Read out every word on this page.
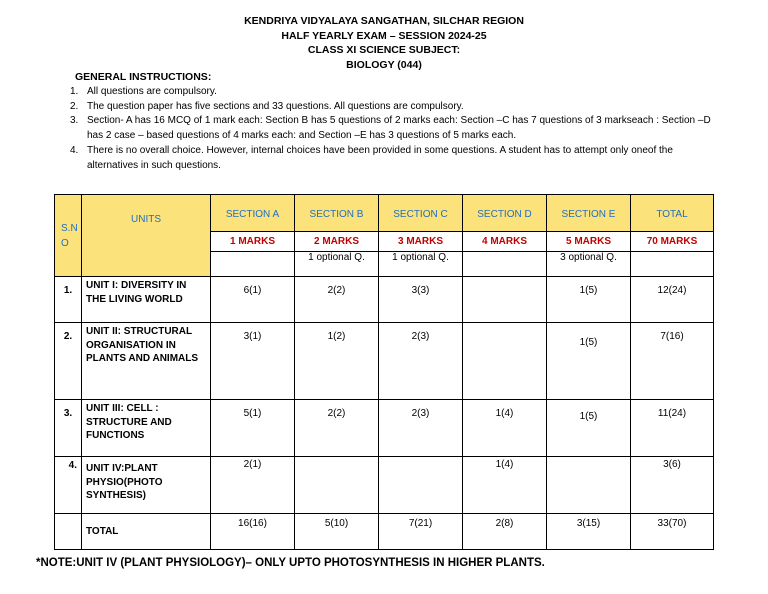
KENDRIYA VIDYALAYA SANGATHAN, SILCHAR REGION
HALF YEARLY EXAM – SESSION 2024-25
CLASS XI SCIENCE SUBJECT:
BIOLOGY (044)
GENERAL INSTRUCTIONS:
1. All questions are compulsory.
2. The question paper has five sections and 33 questions. All questions are compulsory.
3. Section- A has 16 MCQ of 1 mark each: Section B has 5 questions of 2 marks each: Section –C has 7 questions of 3 markseach : Section –D has 2 case – based questions of 4 marks each: and Section –E has 3 questions of 5 marks each.
4. There is no overall choice. However, internal choices have been provided in some questions. A student has to attempt only oneof the alternatives in such questions.
S.N O	UNITS	SECTION A	SECTION B	SECTION C	SECTION D	SECTION E	TOTAL
		1 MARKS	2 MARKS	3 MARKS	4 MARKS	5 MARKS	70 MARKS
			1 optional Q.	1 optional Q.		3 optional Q.	
1.	UNIT I: DIVERSITY IN THE LIVING WORLD	6(1)	2(2)	3(3)		1(5)	12(24)
2.	UNIT II: STRUCTURAL ORGANISATION IN PLANTS AND ANIMALS	3(1)	1(2)	2(3)		1(5)	7(16)
3.	UNIT III: CELL : STRUCTURE AND FUNCTIONS	5(1)	2(2)	2(3)	1(4)	1(5)	11(24)
4.	UNIT IV:PLANT PHYSIO(PHOTO SYNTHESIS)	2(1)			1(4)		3(6)
	TOTAL	16(16)	5(10)	7(21)	2(8)	3(15)	33(70)
*NOTE:UNIT IV (PLANT PHYSIOLOGY)– ONLY UPTO PHOTOSYNTHESIS IN HIGHER PLANTS.
